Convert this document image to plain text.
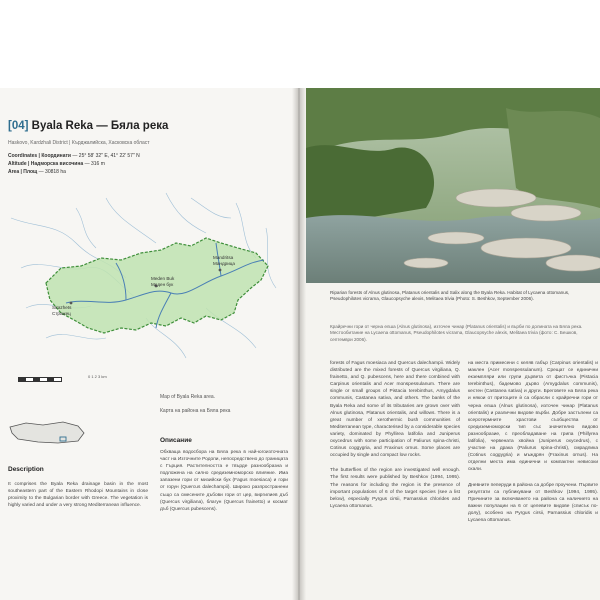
[04] Byala Reka — Бяла река
Haskovo, Kardzhali District | Кърджалийска, Хасковска област
Coordinates | Координати — 25° 58' 32" E, 41° 22' 57" N
Altitude | Надморска височина — 316 m
Area | Площ — 30818 ha
Mandritsa
Мандрица
Meden Buk
Меден бук
Strazhets
Стражец
0 1 2 3 km
Map of Byala Reka area.
Карта на района на Бяла река
Описание
Обхваща водосбора на Бяла река в най-югоизточната част на Източните Родопи, непосредствено до границата с Гърция. Растителността е твърде разнообразна и подложена на силно средиземноморско влияние. Има запазени гори от мизийски бук (Fagus moesiaca) и гори от горун (Quercus dalechampii). Широко разпространени също са смесените дъбови гори от цер, виргилиев дъб (Quercus virgiliana), благун (Quercus frainetto) и космат дъб (Quercus pubescens).
Description
It comprises the Byala Reka drainage basin in the most southeastern part of the Eastern Rhodopi Mountains in close proximity to the Bulgarian border with Greece. The vegetation is highly varied and under a very strong Mediterranean influence.
Riparian forests of Alnus glutinosa, Platanus orientalis and Salix along the Byala Reka. Habitat of Lycaena ottomanus, Pseudophilotes vicrama, Glaucopsyche alexis, Melitaea trivia (Photo: S. Beshkov, September 2006).
Крайречни гори от черна елша (Alnus glutinosa), източен чинар (Platanus orientalis) и върби по долината на Бяла река. Местообитание на Lycaena ottomanus, Pseudophilotes vicrama, Glaucopsyche alexis, Melitaea trivia (фото: С. Бешков, септември 2006).

forests of Fagus moesiaca and Quercus dalechampii. Widely distributed are the mixed forests of Quercus virgiliana, Q. frainetto, and Q. pubescens, here and there combined with Carpinus orientalis and Acer monspessulanum. There are single or small groups of Pistacia terebinthus, Amygdalus communis, Castanea sativa, and others. The banks of the Byala Reka and some of its tributaries are grown over with Alnus glutinosa, Platanus orientalis, and willows. There is a great number of xerothermic bush communities of Mediterranean type, characterised by a considerable species variety, dominated by Phyllirea latifolia and Juniperus oxycedrus with some participation of Paliurus spina-christi, Cotinus coggygria, and Fraxinus ornus. Some places are occupied by single and compact low rocks.

The butterflies of the region are investigated well enough. The first results were published by Beshkov (1994, 1995). The reasons for including the region is the presence of important populations of 6 of the target species (see a list below), especially Pyrgus cirsii, Parnassius chlorides and Lycaena ottomanus.

на места примесени с келяв габър (Carpinus orientalis) и маклен (Acer monspessulanum). Срещат се единични екземпляри или групи дървета от фистъчка (Pistacia terebinthus), бадемово дърво (Amygdalus communis), кестен (Castanea sativa) и други. Бреговете на Бяла река и някои от притоците ѝ са обрасли с крайречни гори от черна елша (Alnus glutinosa), източен чинар (Platanus orientalis) и различни видове върби. Добре застъпени са ксеротермните храстови съобщества от средиземноморски тип със значително видово разнообразие, с преобладаване на грипа (Phillyrea latifolia), червената хвойна (Juniperus oxycedrus), с участие на драка (Paliurus spina-christi), смрадлика (Cotinus coggygria) и мъждрян (Fraxinus ornus). На отделни места има единични и компактни невисоки скали.

Дневните пеперуди в района са добре проучени. Първите резултати са публикувани от Beshkov (1994, 1995). Причините за включването на района са наличието на важни популации на 6 от целевите видове (списък по-долу), особено на Pyrgus cirsii, Parnassius chloridis и Lycaena ottomanus.
